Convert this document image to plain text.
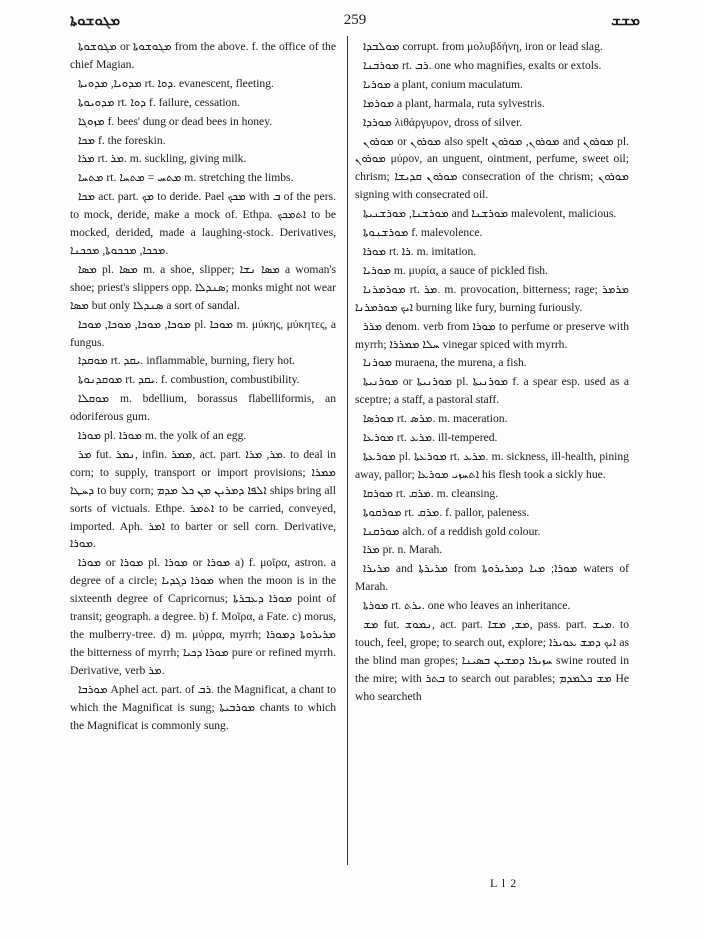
ܡܓܘܫܘܬܐ	259	ܡܫܫ

ܡܓܘܫܘܬܐ or ܡܓܘܫܘܬܐ from the above. f. the office of the chief Magian.

ܡܕܘܝܐ, ܡܕܘܝܬܐ rt. ܕܘܐ. evanescent, fleeting.

ܡܕܘܝܘܬܐ rt. ܕܘܐ f. failure, cessation.

ܡܙܘܓܐ f. bees' dung or dead bees in honey.

ܡܟܐ f. the foreskin.

ܡܪܐ rt. ܡܪ. m. suckling, giving milk.

ܡܬܚܐ rt. ܡܬܚ = ܡܬܚܐ m. stretching the limbs.

ܡܟܐ act. part. ܡܟ to deride. Pael ܡܟܟ with ܒ of the pers. to mock, deride, make a mock of. Ethpa. ܐܬܡܟܟ to be mocked, derided, made a laughing-stock. Derivatives, ܡܟܟܐ, ܡܟܟܘܬܐ, ܡܟܟܢܐ.

ܡܣܐ pl. ܡܣܐ m. a shoe, slipper; ܡܣܐ ܢܫܐ a woman's shoe; priest's slippers opp. ܣܢܕܠܐ; monks might not wear ܡܣܐ but only ܣܢܕܠܐ a sort of sandal.

ܡܘܟܐ, ܡܘܟܐ, ܡܘܟܐ, ܡܘܟܐ pl. ܡܘܟܐ m. μύκης, μύκητες, a fungus.

ܡܘܩܕܐ rt. ܝܩܕ. inflammable, burning, fiery hot.

ܡܘܩܕܢܘܬܐ rt. ܝܩܕ. f. combustion, combustibility.

ܡܘܩܠܐ m. bdellium, borassus flabelliformis, an odoriferous gum.

ܡܘܪܐ pl. ܡܘܪܐ m. the yolk of an egg.

ܡܪ fut. ܢܡܪ, infin. ܡܡܪ, act. part. ܡܪ, ܡܪܐ. to deal in corn; to supply, transport or import provisions; ܡܡܪܐ ܕܚܛܐ to buy corn; ܐܠܦܐ ܕܡܪܝܢ ܡܢ ܟܠ ܡܕܡ ships bring all sorts of victuals. Ethpe. ܐܬܡܪ to be carried, conveyed, imported. Aph. ܐܡܪ to barter or sell corn. Derivative, ܡܘܪܐ.

ܡܘܪܐ or ܡܘܪܐ pl. ܡܘܪܐ or ܡܘܪܐ a) f. μοῖρα, astron. a degree of a circle; ܡܘܪܐ ܕܓܕܝܐ when the moon is in the sixteenth degree of Capricornus; ܡܘܪܐ ܕܥܒܪܬܐ point of transit; geograph. a degree. b) f. Μοῖρα, a Fate. c) morus, the mulberry-tree. d) m. μύρρα, myrrh; ܡܪܝܪܘܬܐ ܕܡܘܪܐ the bitterness of myrrh; ܡܘܪܐ ܕܟܝܐ pure or refined myrrh. Derivative, verb ܡܪ.

ܡܘܪܒܐ Aphel act. part. of ܪܒ. the Magnificat, a chant to which the Magnificat is sung; ܡܘܪܒܝܬܐ chants to which the Magnificat is commonly sung.

ܡܘܠܒܕܐ corrupt. from μολυβδήνη, iron or lead slag.

ܡܘܪܒܢܐ rt. ܪܒ. one who magnifies, exalts or extols.

ܡܘܪܝܐ a plant, conium maculatum.

ܡܘܪܡܐ a plant, harmala, ruta sylvestris.

ܡܘܪܕܐ λιθάργυρον, dross of silver.

ܡܘܪܘܢ or ܡܘܪܘܢ also spelt ܡܘܪܘܢ, ܡܘܪܘܢ and ܡܘܪܘܢ pl. ܡܘܪܘܢ μύρον, an unguent, ointment, perfume, sweet oil; chrism; ܡܘܪܘܢ ܩܕܝܫܐ consecration of the chrism; ܡܘܪܘܢ signing with consecrated oil.

ܡܘܪܫܢܐ, ܡܘܪܫܢܝܬܐ and ܡܘܪܫܢܐ malevolent, malicious.

ܡܘܪܫܢܘܬܐ f. malevolence.

ܡܘܪܐ rt. ܪܐ. m. imitation.

ܡܘܪܝܐ m. μυρία, a sauce of pickled fish.

ܡܘܪܡܪܢܐ rt. ܡܪ. m. provocation, bitterness; rage; ܡܪܡܪ ܐܝܟ ܡܘܪܡܪܢܐ burning like fury, burning furiously.

ܡܪܪ denom. verb from ܡܘܪܐ to perfume or preserve with myrrh; ܚܠܐ ܡܡܪܪܐ vinegar spiced with myrrh.

ܡܘܪܢܐ muraena, the murena, a fish.

ܡܘܪܢܝܬܐ or ܡܘܪܢܝܬܐ pl. ܡܘܪܢܝܬܐ f. a spear esp. used as a sceptre; a staff, a pastoral staff.

ܡܘܪܣܐ rt. ܡܪܣ. m. maceration.

ܡܘܪܥܐ rt. ܡܪܥ. ill-tempered.

ܡܘܪܥܬܐ pl. ܡܘܪܥܬܐ rt. ܡܪܥ. m. sickness, ill-health, pining away, pallor; ܐܬܚܙܝ ܡܘܪܥܐ his flesh took a sickly hue.

ܡܘܪܩܐ rt. ܡܪܩ. m. cleansing.

ܡܘܪܩܘܬܐ rt. ܡܪܩ. f. pallor, paleness.

ܡܘܪܩܢܐ alch. of a reddish gold colour.

ܡܪܐ pr. n. Marah.

ܡܪܝܪܐ and ܡܪܝܪܬܐ from ܡܘܪܐ; ܡܝܐ ܕܡܪܝܪܘܬܐ waters of Marah.

ܡܘܪܬܐ rt. ܝܪܬ. one who leaves an inheritance.

ܡܫ fut. ܢܡܘܫ, act. part. ܡܫ, ܡܫܐ, pass. part. ܡܝܫ. to touch, feel, grope; to search out, explore; ܐܝܟ ܕܡܫ ܥܘܝܪܐ as the blind man gropes; ܚܙܝܪܐ ܕܡܫܝܢ ܒܣܝܢܐ swine routed in the mire; with ܒܬܪ to search out parables; ܡܫ ܟܠܡܕܡ He who searcheth

L l 2
